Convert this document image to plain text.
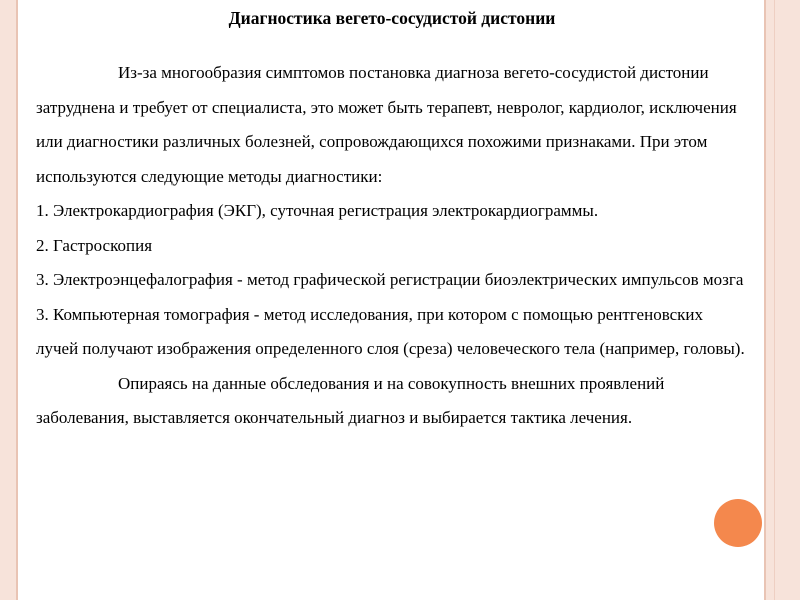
Диагностика вегето-сосудистой дистонии

Из-за многообразия симптомов постановка диагноза вегето-сосудистой дистонии затруднена и требует от специалиста, это может быть терапевт, невролог, кардиолог, исключения или диагностики различных болезней, сопровождающихся похожими признаками. При этом используются следующие методы диагностики:

1. Электрокардиография (ЭКГ), суточная регистрация электрокардиограммы.

2. Гастроскопия

3. Электроэнцефалография - метод графической регистрации биоэлектрических импульсов мозга

3. Компьютерная томография - метод исследования, при котором с помощью рентгеновских лучей получают изображения определенного слоя (среза) человеческого тела (например, головы).

Опираясь на данные обследования и на совокупность внешних проявлений заболевания, выставляется окончательный диагноз и выбирается тактика лечения.
